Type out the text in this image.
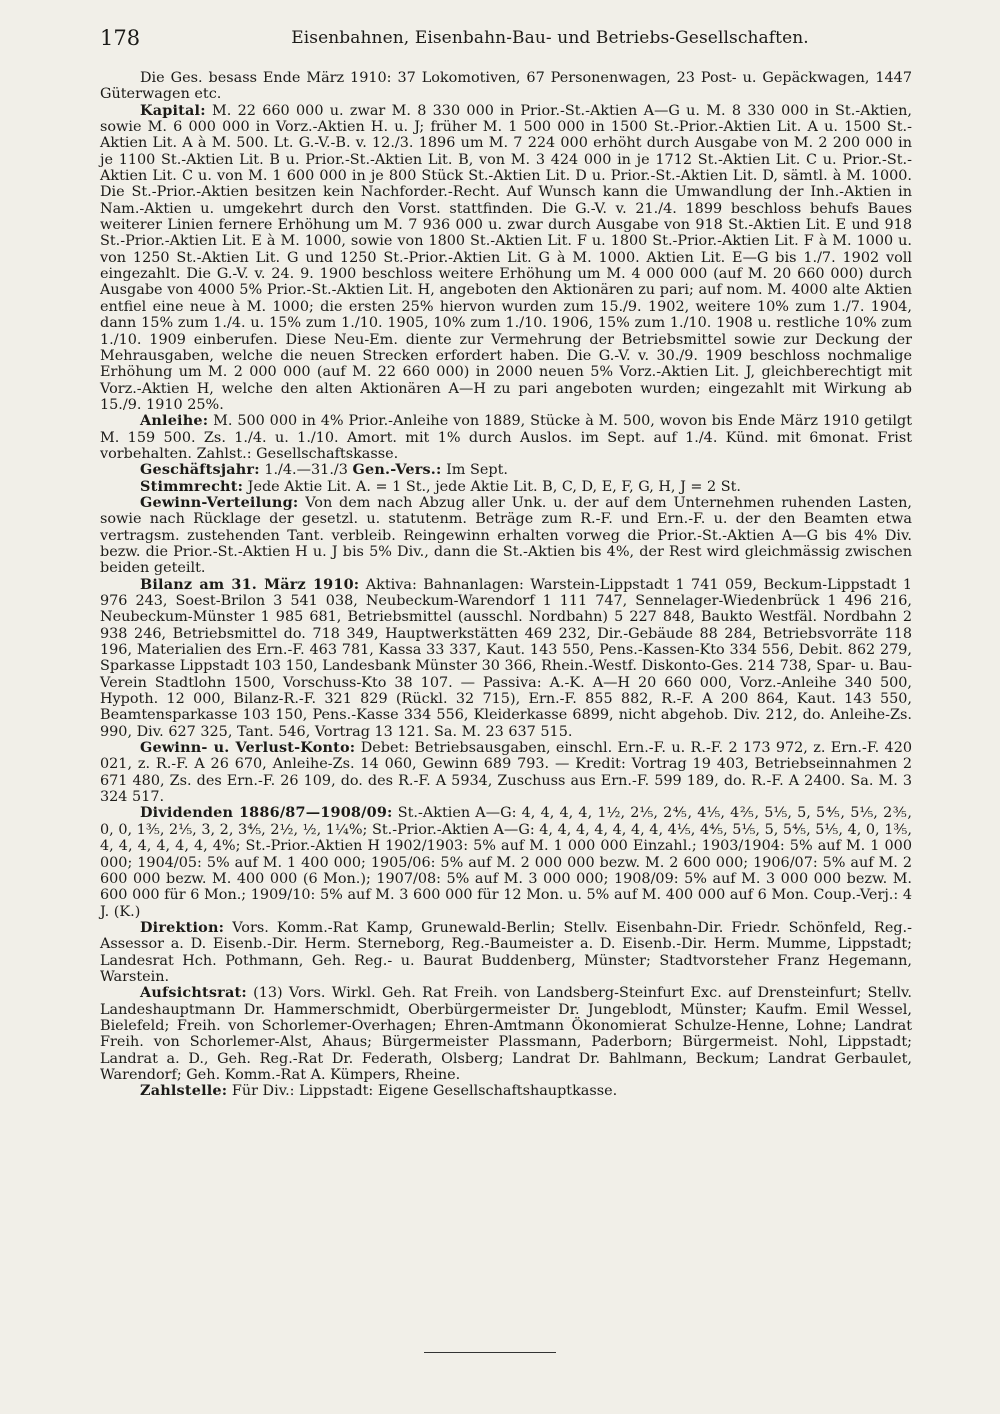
178	Eisenbahnen, Eisenbahn-Bau- und Betriebs-Gesellschaften.

Die Ges. besass Ende März 1910: 37 Lokomotiven, 67 Personenwagen, 23 Post- u. Gepäckwagen, 1447 Güterwagen etc.

Kapital: M. 22 660 000 u. zwar M. 8 330 000 in Prior.-St.-Aktien A—G u. M. 8 330 000 in St.-Aktien, sowie M. 6 000 000 in Vorz.-Aktien H. u. J; früher M. 1 500 000 in 1500 St.-Prior.-Aktien Lit. A u. 1500 St.-Aktien Lit. A à M. 500. Lt. G.-V.-B. v. 12./3. 1896 um M. 7 224 000 erhöht durch Ausgabe von M. 2 200 000 in je 1100 St.-Aktien Lit. B u. Prior.-St.-Aktien Lit. B, von M. 3 424 000 in je 1712 St.-Aktien Lit. C u. Prior.-St.-Aktien Lit. C u. von M. 1 600 000 in je 800 Stück St.-Aktien Lit. D u. Prior.-St.-Aktien Lit. D, sämtl. à M. 1000. Die St.-Prior.-Aktien besitzen kein Nachforder.-Recht. Auf Wunsch kann die Umwandlung der Inh.-Aktien in Nam.-Aktien u. umgekehrt durch den Vorst. stattfinden. Die G.-V. v. 21./4. 1899 beschloss behufs Baues weiterer Linien fernere Erhöhung um M. 7 936 000 u. zwar durch Ausgabe von 918 St.-Aktien Lit. E und 918 St.-Prior.-Aktien Lit. E à M. 1000, sowie von 1800 St.-Aktien Lit. F u. 1800 St.-Prior.-Aktien Lit. F à M. 1000 u. von 1250 St.-Aktien Lit. G und 1250 St.-Prior.-Aktien Lit. G à M. 1000. Aktien Lit. E—G bis 1./7. 1902 voll eingezahlt. Die G.-V. v. 24. 9. 1900 beschloss weitere Erhöhung um M. 4 000 000 (auf M. 20 660 000) durch Ausgabe von 4000 5% Prior.-St.-Aktien Lit. H, angeboten den Aktionären zu pari; auf nom. M. 4000 alte Aktien entfiel eine neue à M. 1000; die ersten 25% hiervon wurden zum 15./9. 1902, weitere 10% zum 1./7. 1904, dann 15% zum 1./4. u. 15% zum 1./10. 1905, 10% zum 1./10. 1906, 15% zum 1./10. 1908 u. restliche 10% zum 1./10. 1909 einberufen. Diese Neu-Em. diente zur Vermehrung der Betriebsmittel sowie zur Deckung der Mehrausgaben, welche die neuen Strecken erfordert haben. Die G.-V. v. 30./9. 1909 beschloss nochmalige Erhöhung um M. 2 000 000 (auf M. 22 660 000) in 2000 neuen 5% Vorz.-Aktien Lit. J, gleichberechtigt mit Vorz.-Aktien H, welche den alten Aktionären A—H zu pari angeboten wurden; eingezahlt mit Wirkung ab 15./9. 1910 25%.

Anleihe: M. 500 000 in 4% Prior.-Anleihe von 1889, Stücke à M. 500, wovon bis Ende März 1910 getilgt M. 159 500. Zs. 1./4. u. 1./10. Amort. mit 1% durch Auslos. im Sept. auf 1./4. Künd. mit 6monat. Frist vorbehalten. Zahlst.: Gesellschaftskasse.

Geschäftsjahr: 1./4.—31./3 Gen.-Vers.: Im Sept.

Stimmrecht: Jede Aktie Lit. A. = 1 St., jede Aktie Lit. B, C, D, E, F, G, H, J = 2 St.

Gewinn-Verteilung: Von dem nach Abzug aller Unk. u. der auf dem Unternehmen ruhenden Lasten, sowie nach Rücklage der gesetzl. u. statutenm. Beträge zum R.-F. und Ern.-F. u. der den Beamten etwa vertragsm. zustehenden Tant. verbleib. Reingewinn erhalten vorweg die Prior.-St.-Aktien A—G bis 4% Div. bezw. die Prior.-St.-Aktien H u. J bis 5% Div., dann die St.-Aktien bis 4%, der Rest wird gleichmässig zwischen beiden geteilt.

Bilanz am 31. März 1910: Aktiva: Bahnanlagen: Warstein-Lippstadt 1 741 059, Beckum-Lippstadt 1 976 243, Soest-Brilon 3 541 038, Neubeckum-Warendorf 1 111 747, Sennelager-Wiedenbrück 1 496 216, Neubeckum-Münster 1 985 681, Betriebsmittel (ausschl. Nordbahn) 5 227 848, Baukto Westfäl. Nordbahn 2 938 246, Betriebsmittel do. 718 349, Hauptwerkstätten 469 232, Dir.-Gebäude 88 284, Betriebsvorräte 118 196, Materialien des Ern.-F. 463 781, Kassa 33 337, Kaut. 143 550, Pens.-Kassen-Kto 334 556, Debit. 862 279, Sparkasse Lippstadt 103 150, Landesbank Münster 30 366, Rhein.-Westf. Diskonto-Ges. 214 738, Spar- u. Bau-Verein Stadtlohn 1500, Vorschuss-Kto 38 107. — Passiva: A.-K. A—H 20 660 000, Vorz.-Anleihe 340 500, Hypoth. 12 000, Bilanz-R.-F. 321 829 (Rückl. 32 715), Ern.-F. 855 882, R.-F. A 200 864, Kaut. 143 550, Beamtensparkasse 103 150, Pens.-Kasse 334 556, Kleiderkasse 6899, nicht abgehob. Div. 212, do. Anleihe-Zs. 990, Div. 627 325, Tant. 546, Vortrag 13 121. Sa. M. 23 637 515.

Gewinn- u. Verlust-Konto: Debet: Betriebsausgaben, einschl. Ern.-F. u. R.-F. 2 173 972, z. Ern.-F. 420 021, z. R.-F. A 26 670, Anleihe-Zs. 14 060, Gewinn 689 793. — Kredit: Vortrag 19 403, Betriebseinnahmen 2 671 480, Zs. des Ern.-F. 26 109, do. des R.-F. A 5934, Zuschuss aus Ern.-F. 599 189, do. R.-F. A 2400. Sa. M. 3 324 517.

Dividenden 1886/87—1908/09: St.-Aktien A—G: 4, 4, 4, 4, 1½, 2⅕, 2⅘, 4⅕, 4⅖, 5⅕, 5, 5⅘, 5⅕, 2⅗, 0, 0, 1⅗, 2⅕, 3, 2, 3⅘, 2½, ½, 1¼%; St.-Prior.-Aktien A—G: 4, 4, 4, 4, 4, 4, 4, 4⅕, 4⅘, 5⅕, 5, 5⅘, 5⅕, 4, 0, 1⅗, 4, 4, 4, 4, 4, 4, 4%; St.-Prior.-Aktien H 1902/1903: 5% auf M. 1 000 000 Einzahl.; 1903/1904: 5% auf M. 1 000 000; 1904/05: 5% auf M. 1 400 000; 1905/06: 5% auf M. 2 000 000 bezw. M. 2 600 000; 1906/07: 5% auf M. 2 600 000 bezw. M. 400 000 (6 Mon.); 1907/08: 5% auf M. 3 000 000; 1908/09: 5% auf M. 3 000 000 bezw. M. 600 000 für 6 Mon.; 1909/10: 5% auf M. 3 600 000 für 12 Mon. u. 5% auf M. 400 000 auf 6 Mon. Coup.-Verj.: 4 J. (K.)

Direktion: Vors. Komm.-Rat Kamp, Grunewald-Berlin; Stellv. Eisenbahn-Dir. Friedr. Schönfeld, Reg.-Assessor a. D. Eisenb.-Dir. Herm. Sterneborg, Reg.-Baumeister a. D. Eisenb.-Dir. Herm. Mumme, Lippstadt; Landesrat Hch. Pothmann, Geh. Reg.- u. Baurat Buddenberg, Münster; Stadtvorsteher Franz Hegemann, Warstein.

Aufsichtsrat: (13) Vors. Wirkl. Geh. Rat Freih. von Landsberg-Steinfurt Exc. auf Drensteinfurt; Stellv. Landeshauptmann Dr. Hammerschmidt, Oberbürgermeister Dr. Jungeblodt, Münster; Kaufm. Emil Wessel, Bielefeld; Freih. von Schorlemer-Overhagen; Ehren-Amtmann Ökonomierat Schulze-Henne, Lohne; Landrat Freih. von Schorlemer-Alst, Ahaus; Bürgermeister Plassmann, Paderborn; Bürgermeist. Nohl, Lippstadt; Landrat a. D., Geh. Reg.-Rat Dr. Federath, Olsberg; Landrat Dr. Bahlmann, Beckum; Landrat Gerbaulet, Warendorf; Geh. Komm.-Rat A. Kümpers, Rheine.

Zahlstelle: Für Div.: Lippstadt: Eigene Gesellschaftshauptkasse.
